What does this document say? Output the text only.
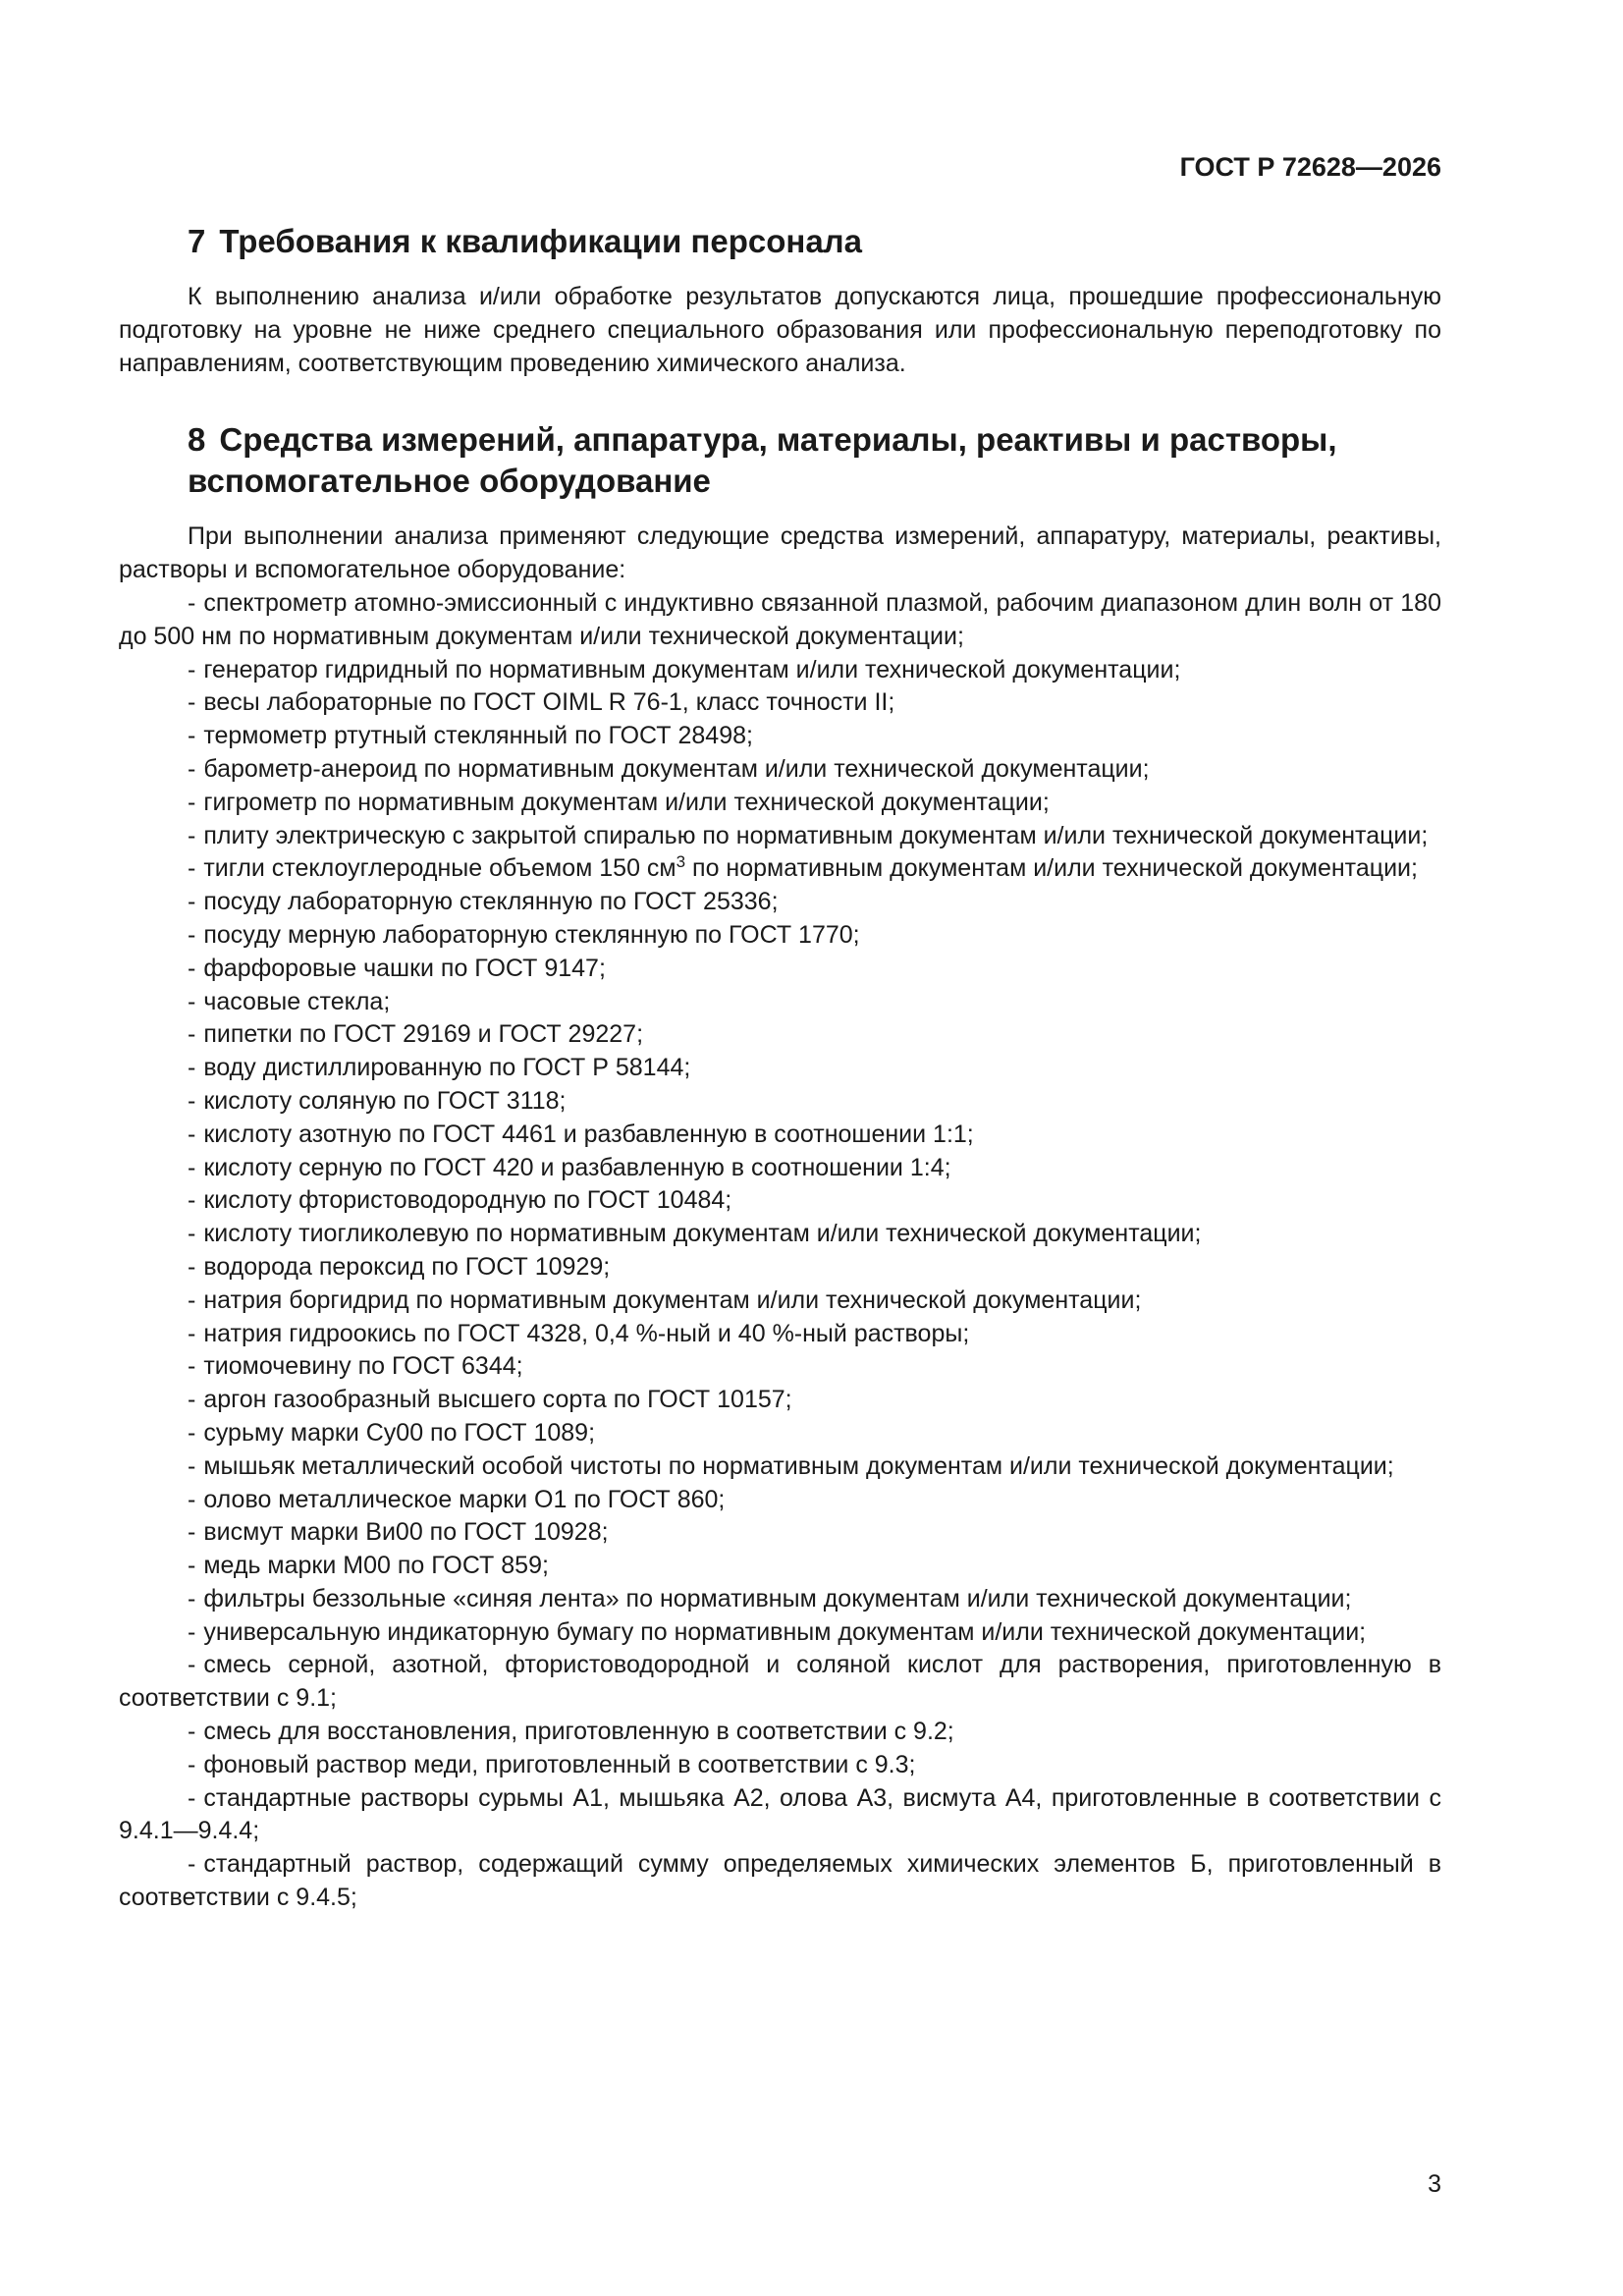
ГОСТ Р 72628—2026
7 Требования к квалификации персонала

К выполнению анализа и/или обработке результатов допускаются лица, прошедшие профессиональную подготовку на уровне не ниже среднего специального образования или профессиональную переподготовку по направлениям, соответствующим проведению химического анализа.

8 Средства измерений, аппаратура, материалы, реактивы и растворы,
вспомогательное оборудование

При выполнении анализа применяют следующие средства измерений, аппаратуру, материалы, реактивы, растворы и вспомогательное оборудование:

- спектрометр атомно-эмиссионный с индуктивно связанной плазмой, рабочим диапазоном длин волн от 180 до 500 нм по нормативным документам и/или технической документации;
- генератор гидридный по нормативным документам и/или технической документации;
- весы лабораторные по ГОСТ OIML R 76-1, класс точности II;
- термометр ртутный стеклянный по ГОСТ 28498;
- барометр-анероид по нормативным документам и/или технической документации;
- гигрометр по нормативным документам и/или технической документации;
- плиту электрическую с закрытой спиралью по нормативным документам и/или технической документации;
- тигли стеклоуглеродные объемом 150 $см^3$ по нормативным документам и/или технической документации;
- посуду лабораторную стеклянную по ГОСТ 25336;
- посуду мерную лабораторную стеклянную по ГОСТ 1770;
- фарфоровые чашки по ГОСТ 9147;
- часовые стекла;
- пипетки по ГОСТ 29169 и ГОСТ 29227;
- воду дистиллированную по ГОСТ Р 58144;
- кислоту соляную по ГОСТ 3118;
- кислоту азотную по ГОСТ 4461 и разбавленную в соотношении 1:1;
- кислоту серную по ГОСТ 420 и разбавленную в соотношении 1:4;
- кислоту фтористоводородную по ГОСТ 10484;
- кислоту тиогликолевую по нормативным документам и/или технической документации;
- водорода пероксид по ГОСТ 10929;
- натрия боргидрид по нормативным документам и/или технической документации;
- натрия гидроокись по ГОСТ 4328, 0,4 %-ный и 40 %-ный растворы;
- тиомочевину по ГОСТ 6344;
- аргон газообразный высшего сорта по ГОСТ 10157;
- сурьму марки Су00 по ГОСТ 1089;
- мышьяк металлический особой чистоты по нормативным документам и/или технической документации;
- олово металлическое марки О1 по ГОСТ 860;
- висмут марки Ви00 по ГОСТ 10928;
- медь марки М00 по ГОСТ 859;
- фильтры беззольные «синяя лента» по нормативным документам и/или технической документации;
- универсальную индикаторную бумагу по нормативным документам и/или технической документации;
- смесь серной, азотной, фтористоводородной и соляной кислот для растворения, приготовленную в соответствии с 9.1;
- смесь для восстановления, приготовленную в соответствии с 9.2;
- фоновый раствор меди, приготовленный в соответствии с 9.3;
- стандартные растворы сурьмы А1, мышьяка А2, олова А3, висмута А4, приготовленные в соответствии с 9.4.1—9.4.4;
- стандартный раствор, содержащий сумму определяемых химических элементов Б, приготовленный в соответствии с 9.4.5;
3
